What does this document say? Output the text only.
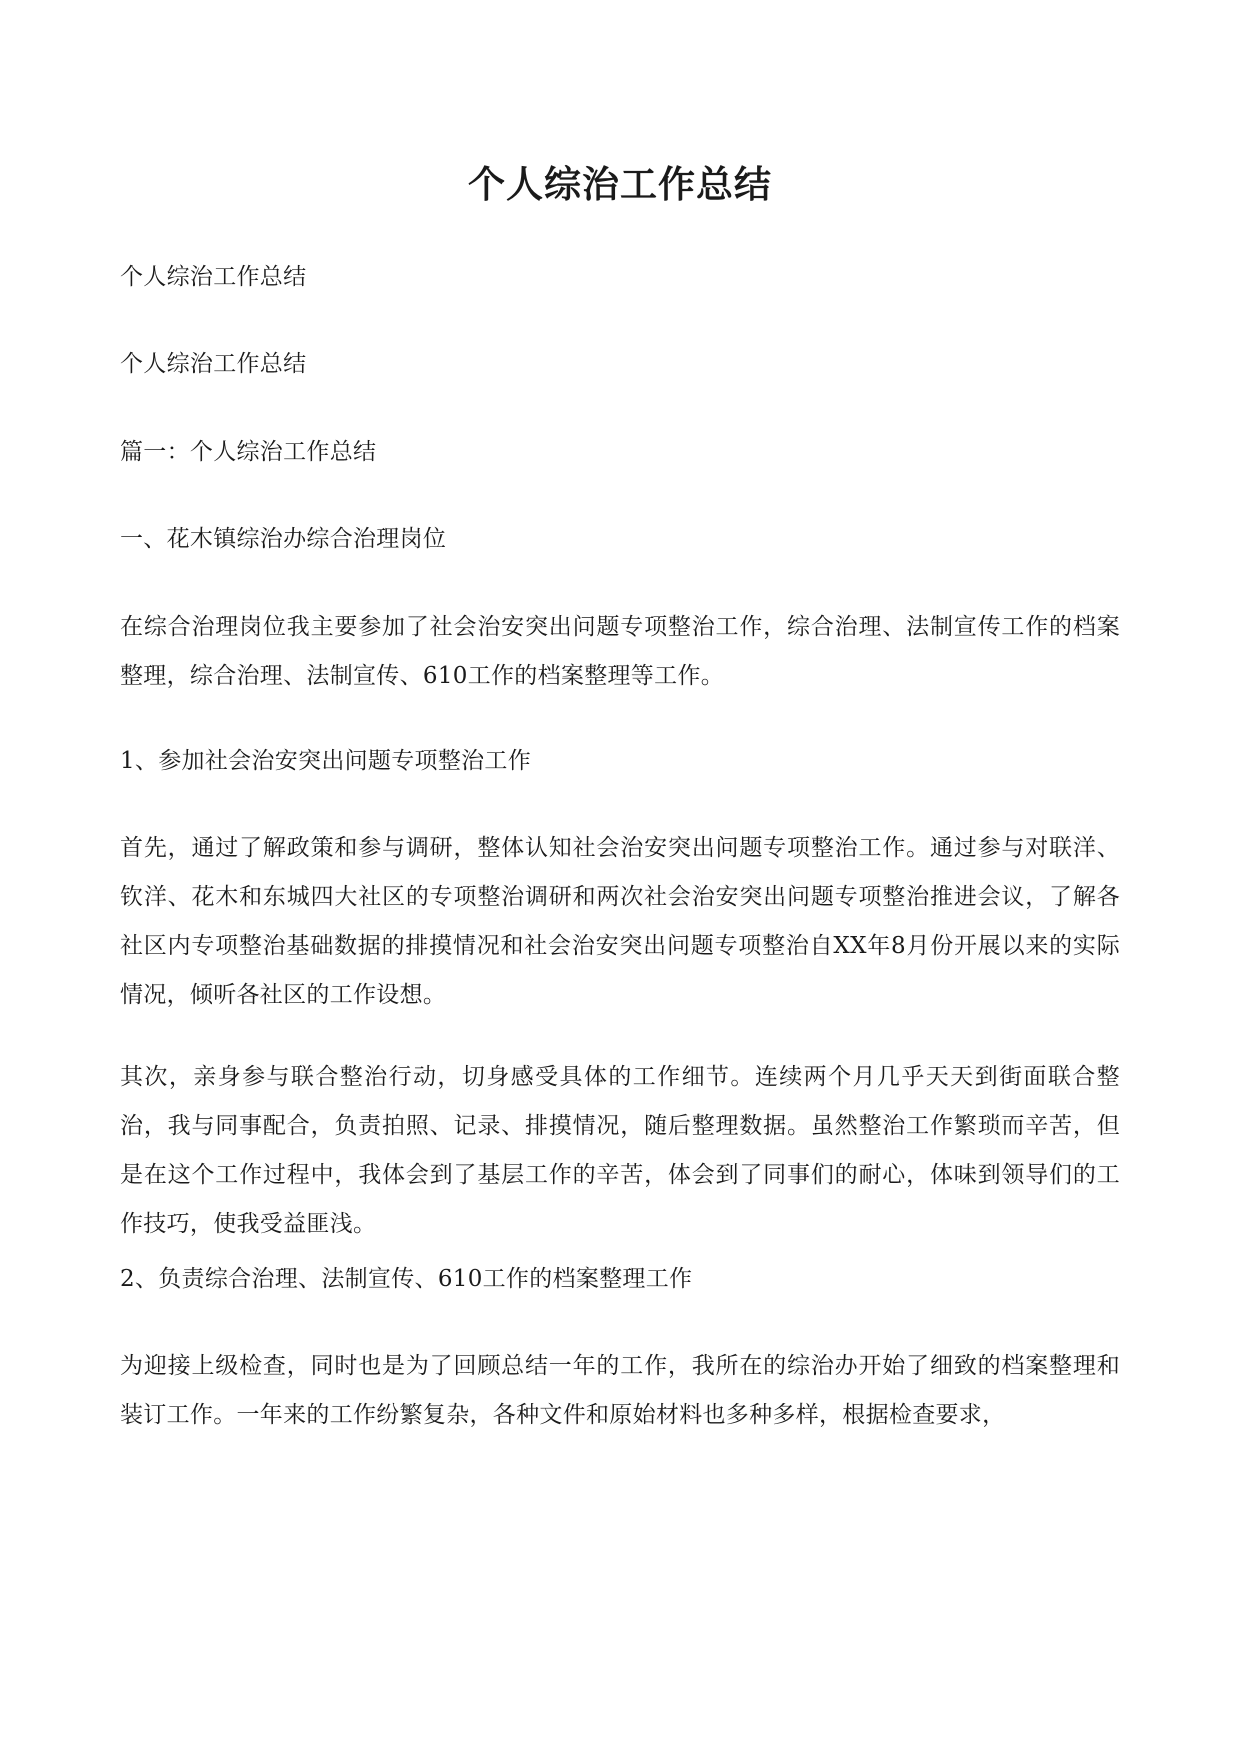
个人综治工作总结

个人综治工作总结

个人综治工作总结

篇一：个人综治工作总结

一、花木镇综治办综合治理岗位

在综合治理岗位我主要参加了社会治安突出问题专项整治工作，综合治理、法制宣传工作的档案整理，综合治理、法制宣传、610工作的档案整理等工作。

1、参加社会治安突出问题专项整治工作

首先，通过了解政策和参与调研，整体认知社会治安突出问题专项整治工作。通过参与对联洋、钦洋、花木和东城四大社区的专项整治调研和两次社会治安突出问题专项整治推进会议，了解各社区内专项整治基础数据的排摸情况和社会治安突出问题专项整治自XX年8月份开展以来的实际情况，倾听各社区的工作设想。

其次，亲身参与联合整治行动，切身感受具体的工作细节。连续两个月几乎天天到街面联合整治，我与同事配合，负责拍照、记录、排摸情况，随后整理数据。虽然整治工作繁琐而辛苦，但是在这个工作过程中，我体会到了基层工作的辛苦，体会到了同事们的耐心，体味到领导们的工作技巧，使我受益匪浅。

2、负责综合治理、法制宣传、610工作的档案整理工作

为迎接上级检查，同时也是为了回顾总结一年的工作，我所在的综治办开始了细致的档案整理和装订工作。一年来的工作纷繁复杂，各种文件和原始材料也多种多样，根据检查要求，
